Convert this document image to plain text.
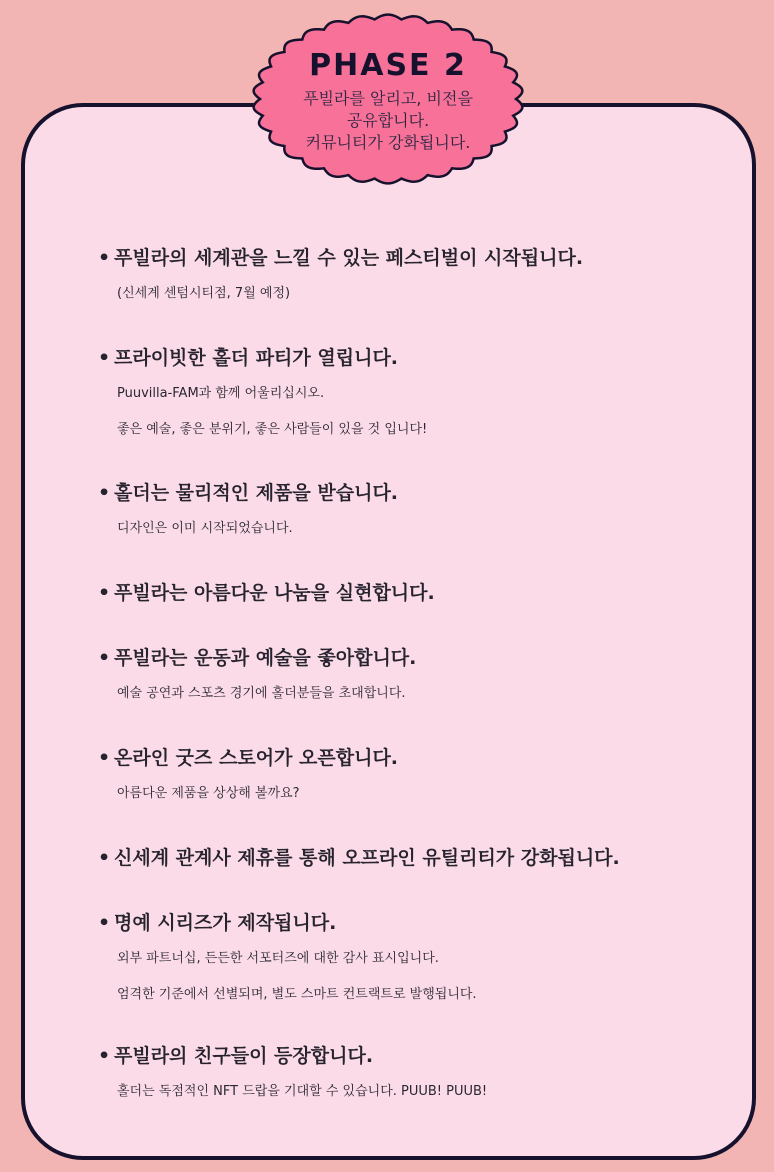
PHASE 2
푸빌라를 알리고, 비전을
공유합니다.
커뮤니티가 강화됩니다.
• 푸빌라의 세계관을 느낄 수 있는 페스티벌이 시작됩니다.
(신세계 센텀시티점, 7월 예정)
• 프라이빗한 홀더 파티가 열립니다.
Puuvilla-FAM과 함께 어울리십시오.
좋은 예술, 좋은 분위기, 좋은 사람들이 있을 것 입니다!
• 홀더는 물리적인 제품을 받습니다.
디자인은 이미 시작되었습니다.
• 푸빌라는 아름다운 나눔을 실현합니다.
• 푸빌라는 운동과 예술을 좋아합니다.
예술 공연과 스포츠 경기에 홀더분들을 초대합니다.
• 온라인 굿즈 스토어가 오픈합니다.
아름다운 제품을 상상해 볼까요?
• 신세계 관계사 제휴를 통해 오프라인 유틸리티가 강화됩니다.
• 명예 시리즈가 제작됩니다.
외부 파트너십, 든든한 서포터즈에 대한 감사 표시입니다.
엄격한 기준에서 선별되며, 별도 스마트 컨트랙트로 발행됩니다.
• 푸빌라의 친구들이 등장합니다.
홀더는 독점적인 NFT 드랍을 기대할 수 있습니다. PUUB! PUUB!
